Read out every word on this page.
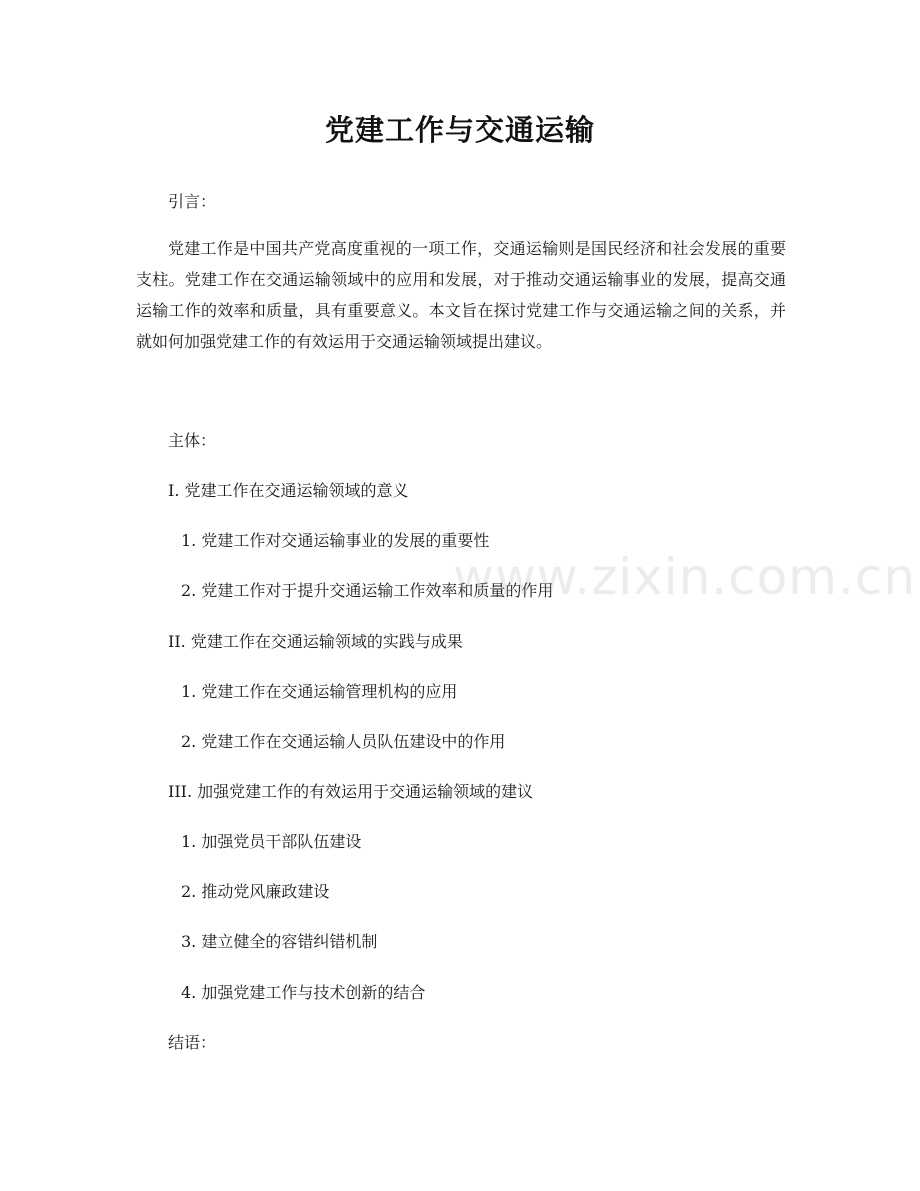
党建工作与交通运输
引言：
党建工作是中国共产党高度重视的一项工作，交通运输则是国民经济和社会发展的重要支柱。党建工作在交通运输领域中的应用和发展，对于推动交通运输事业的发展，提高交通运输工作的效率和质量，具有重要意义。本文旨在探讨党建工作与交通运输之间的关系，并就如何加强党建工作的有效运用于交通运输领域提出建议。
主体：
I. 党建工作在交通运输领域的意义
1. 党建工作对交通运输事业的发展的重要性
2. 党建工作对于提升交通运输工作效率和质量的作用
II. 党建工作在交通运输领域的实践与成果
1. 党建工作在交通运输管理机构的应用
2. 党建工作在交通运输人员队伍建设中的作用
III. 加强党建工作的有效运用于交通运输领域的建议
1. 加强党员干部队伍建设
2. 推动党风廉政建设
3. 建立健全的容错纠错机制
4. 加强党建工作与技术创新的结合
结语：
www.zixin.com.cn
